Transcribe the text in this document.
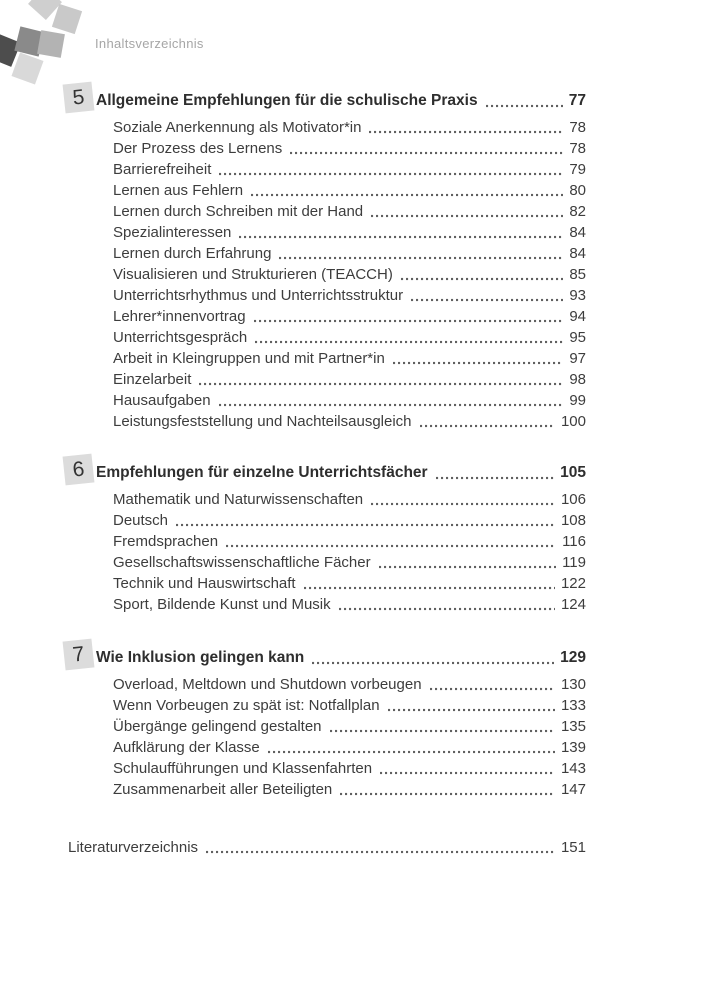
Inhaltsverzeichnis
5 Allgemeine Empfehlungen für die schulische Praxis	77
Soziale Anerkennung als Motivator*in	78
Der Prozess des Lernens	78
Barrierefreiheit	79
Lernen aus Fehlern	80
Lernen durch Schreiben mit der Hand	82
Spezialinteressen	84
Lernen durch Erfahrung	84
Visualisieren und Strukturieren (TEACCH)	85
Unterrichtsrhythmus und Unterrichtsstruktur	93
Lehrer*innenvortrag	94
Unterrichtsgespräch	95
Arbeit in Kleingruppen und mit Partner*in	97
Einzelarbeit	98
Hausaufgaben	99
Leistungsfeststellung und Nachteilsausgleich	100
6 Empfehlungen für einzelne Unterrichtsfächer	105
Mathematik und Naturwissenschaften	106
Deutsch	108
Fremdsprachen	116
Gesellschaftswissenschaftliche Fächer	119
Technik und Hauswirtschaft	122
Sport, Bildende Kunst und Musik	124
7 Wie Inklusion gelingen kann	129
Overload, Meltdown und Shutdown vorbeugen	130
Wenn Vorbeugen zu spät ist: Notfallplan	133
Übergänge gelingend gestalten	135
Aufklärung der Klasse	139
Schulaufführungen und Klassenfahrten	143
Zusammenarbeit aller Beteiligten	147
Literaturverzeichnis	151
